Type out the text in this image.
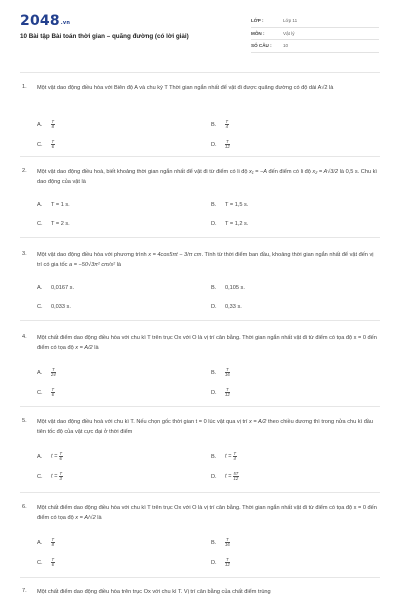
2048.vn
10 Bài tập Bài toán thời gian – quãng đường (có lời giải)
LỚP :	Lớp 11
MÔN :	Vật lý
SỐ CÂU :	10
1. Một vật dao động điều hòa với Biên độ A và chu kỳ T Thời gian ngắn nhất để vật đi được quãng đường có độ dài A√2 là
A. $\frac{T}{8}$	B. $\frac{T}{4}$
C. $\frac{T}{6}$	D. $\frac{T}{12}$
2. Một vật dao động điều hoà, biết khoảng thời gian ngắn nhất để vật đi từ điểm có li độ x₁ = −A đến điểm có li độ x₂ = A√3/2 là 0,5 s. Chu kì dao động của vật là
A. T = 1 s.	B. T = 1,5 s.
C. T = 2 s.	D. T = 1,2 s.
3. Một vật dao động điều hòa với phương trình x = 4cos5πt − 3/π cm. Tính từ thời điểm ban đầu, khoảng thời gian ngắn nhất để vật đến vị trí có gia tốc a = −50√3π² cm/s² là
A. 0,0167 s.	B. 0,105 s.
C. 0,033 s.	D. 0,33 s.
4. Một chất điểm dao động điều hòa với chu kì T trên trục Ox với O là vị trí cân bằng. Thời gian ngắn nhất vật đi từ điểm có tọa độ x = 0 đến điểm có tọa độ x = A/2 là
A. $\frac{T}{24}$	B. $\frac{T}{16}$
C. $\frac{T}{6}$	D. $\frac{T}{12}$
5. Một vật dao động điều hoà với chu kì T. Nếu chọn gốc thời gian t = 0 lúc vật qua vị trí x = A/2 theo chiều dương thì trong nửa chu kì đầu tiên tốc độ của vật cực đại ở thời điểm
A. $t = \frac{T}{6}$	B. $t = \frac{T}{4}$
C. $t = \frac{T}{3}$	D. $t = \frac{5T}{12}$
6. Một chất điểm dao động điều hòa với chu kì T trên trục Ox với O là vị trí cân bằng. Thời gian ngắn nhất vật đi từ điểm có tọa độ x = 0 đến điểm có tọa độ x = A/√2 là
A. $\frac{T}{8}$	B. $\frac{T}{16}$
C. $\frac{T}{6}$	D. $\frac{T}{12}$
7. Một chất điểm dao động điều hòa trên trục Ox với chu kì T. Vị trí cân bằng của chất điểm trùng
